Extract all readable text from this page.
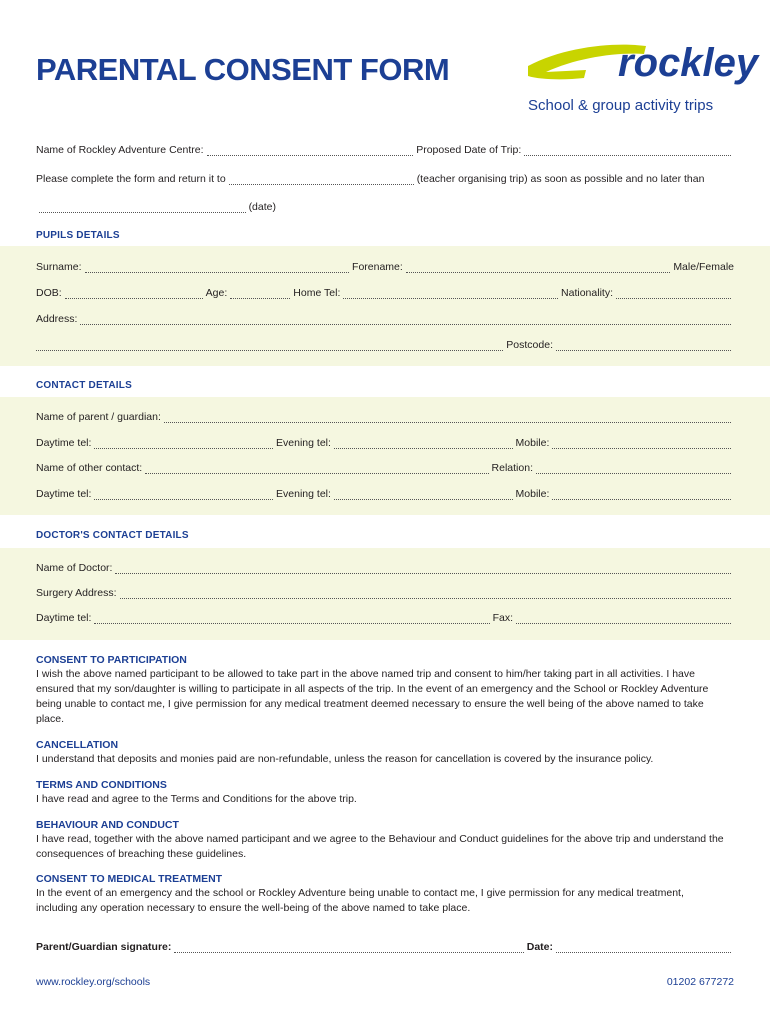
PARENTAL CONSENT FORM	rockley
School & group activity trips
Name of Rockley Adventure Centre:	Proposed Date of Trip:
Please complete the form and return it to	(teacher organising trip) as soon as possible and no later than
(date)
PUPILS DETAILS
Surname:	Forename:	Male/Female
DOB:	Age:	Home Tel:	Nationality:
Address:
Postcode:
CONTACT DETAILS
Name of parent / guardian:
Daytime tel:	Evening tel:	Mobile:
Name of other contact:	Relation:
Daytime tel:	Evening tel:	Mobile:
DOCTOR'S CONTACT DETAILS
Name of Doctor:
Surgery Address:
Daytime tel:	Fax:
CONSENT TO PARTICIPATION
I wish the above named participant to be allowed to take part in the above named trip and consent to him/her taking part in all activities. I have ensured that my son/daughter is willing to participate in all aspects of the trip. In the event of an emergency and the School or Rockley Adventure being unable to contact me, I give permission for any medical treatment deemed necessary to ensure the well being of the above named to take place.
CANCELLATION
I understand that deposits and monies paid are non-refundable, unless the reason for cancellation is covered by the insurance policy.
TERMS AND CONDITIONS
I have read and agree to the Terms and Conditions for the above trip.
BEHAVIOUR AND CONDUCT
I have read, together with the above named participant and we agree to the Behaviour and Conduct guidelines for the above trip and understand the consequences of breaching these guidelines.
CONSENT TO MEDICAL TREATMENT
In the event of an emergency and the school or Rockley Adventure being unable to contact me, I give permission for any medical treatment, including any operation necessary to ensure the well-being of the above named to take place.
Parent/Guardian signature:	Date:
www.rockley.org/schools	01202 677272
